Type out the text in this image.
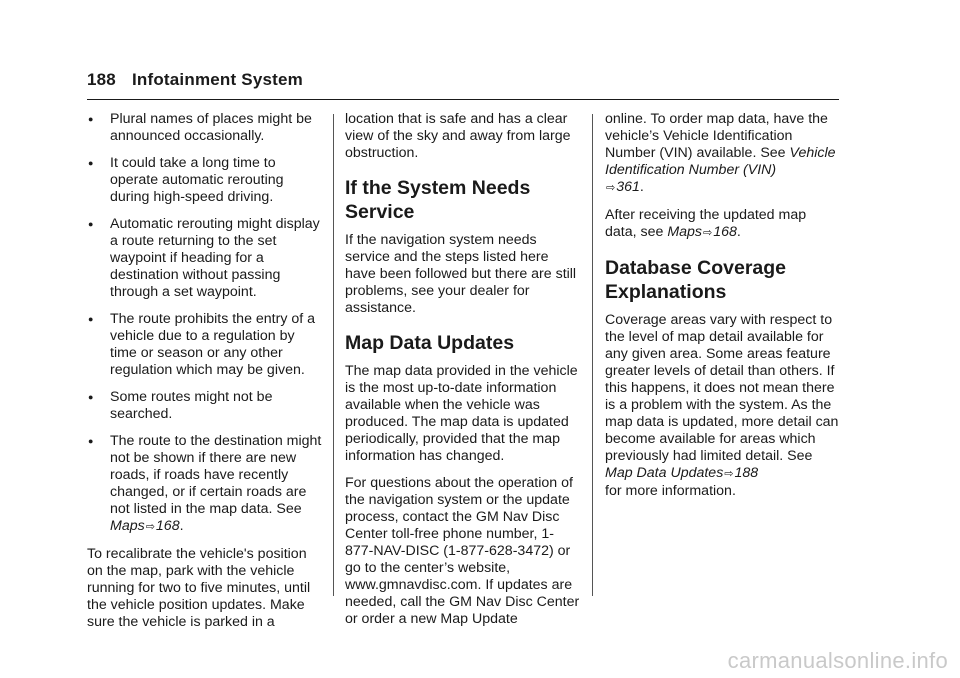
188 Infotainment System
●	Plural names of places might be announced occasionally.
●	It could take a long time to operate automatic rerouting during high-speed driving.
●	Automatic rerouting might display a route returning to the set waypoint if heading for a destination without passing through a set waypoint.
●	The route prohibits the entry of a vehicle due to a regulation by time or season or any other regulation which may be given.
●	Some routes might not be searched.
●	The route to the destination might not be shown if there are new roads, if roads have recently changed, or if certain roads are not listed in the map data. See Maps⇨168.

To recalibrate the vehicle's position on the map, park with the vehicle running for two to five minutes, until the vehicle position updates. Make sure the vehicle is parked in a

location that is safe and has a clear view of the sky and away from large obstruction.

If the System Needs Service

If the navigation system needs service and the steps listed here have been followed but there are still problems, see your dealer for assistance.

Map Data Updates

The map data provided in the vehicle is the most up-to-date information available when the vehicle was produced. The map data is updated periodically, provided that the map information has changed.

For questions about the operation of the navigation system or the update process, contact the GM Nav Disc Center toll-free phone number, 1-877-NAV-DISC (1-877-628-3472) or go to the center’s website, www.gmnavdisc.com. If updates are needed, call the GM Nav Disc Center or order a new Map Update

online. To order map data, have the vehicle’s Vehicle Identification Number (VIN) available. See Vehicle Identification Number (VIN)
⇨361.

After receiving the updated map data, see Maps⇨168.

Database Coverage Explanations

Coverage areas vary with respect to the level of map detail available for any given area. Some areas feature greater levels of detail than others. If this happens, it does not mean there is a problem with the system. As the map data is updated, more detail can become available for areas which previously had limited detail. See Map Data Updates⇨188
for more information.

carmanualsonline.info
